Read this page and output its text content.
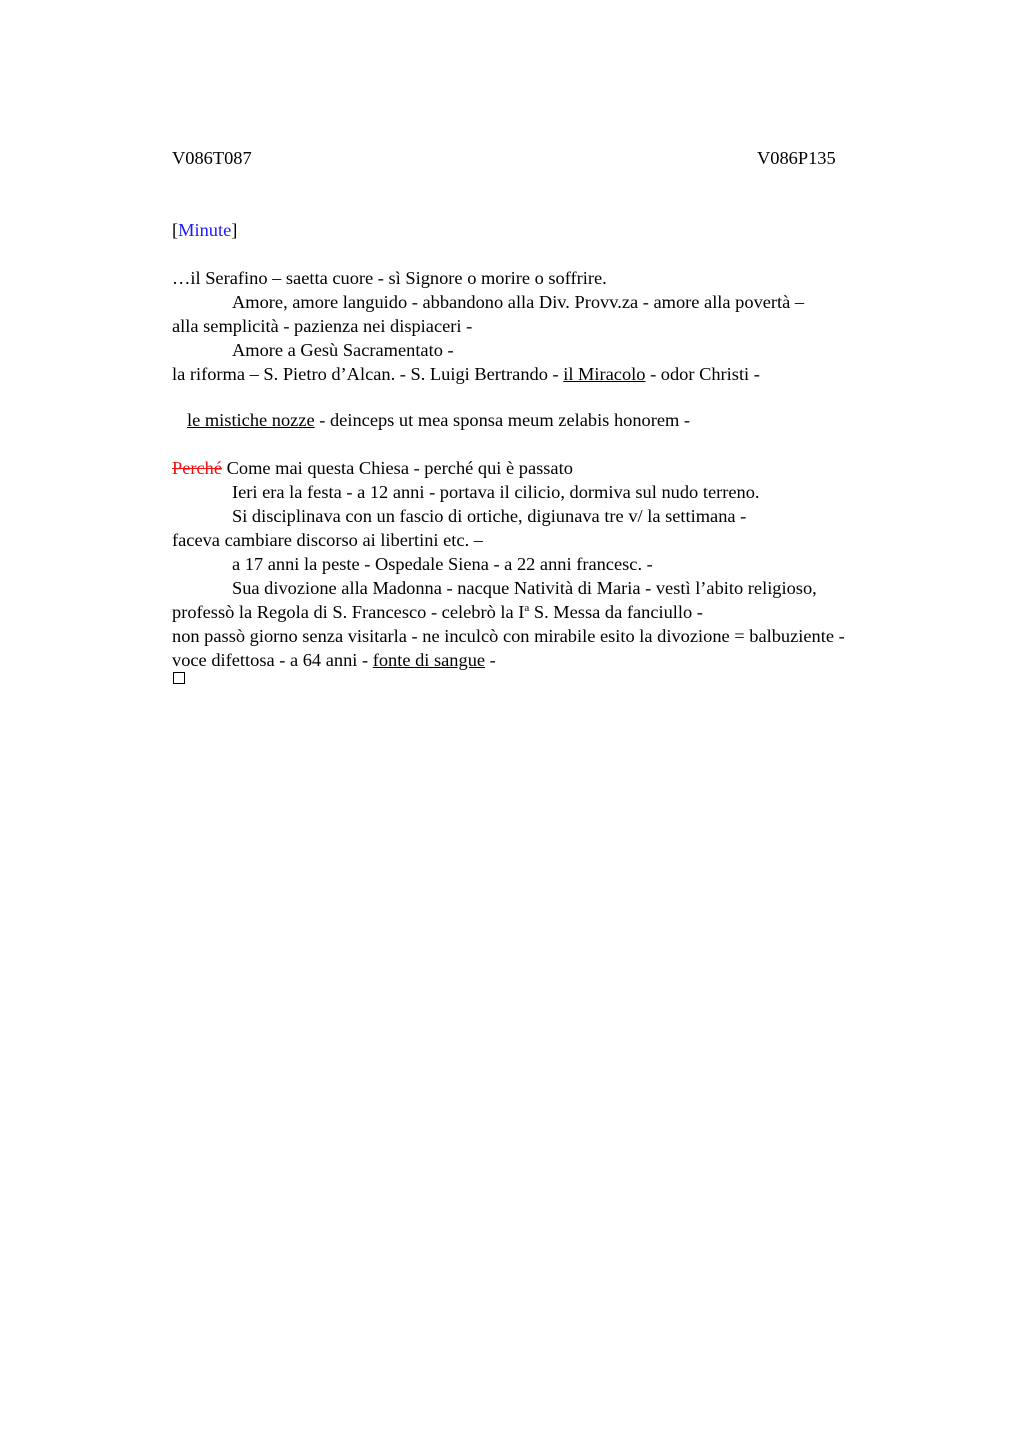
V086T087	V086P135
[Minute]
…il Serafino – saetta cuore - sì Signore o morire o soffrire.
Amore, amore languido - abbandono alla Div. Provv.za - amore alla povertà –
alla semplicità - pazienza nei dispiaceri -
Amore a Gesù Sacramentato -
la riforma – S. Pietro d’Alcan. - S. Luigi Bertrando - il Miracolo - odor Christi -
le mistiche nozze - deinceps ut mea sponsa meum zelabis honorem -
Perché Come mai questa Chiesa - perché qui è passato
Ieri era la festa - a 12 anni - portava il cilicio, dormiva sul nudo terreno.
Si disciplinava con un fascio di ortiche, digiunava tre v/ la settimana -
faceva cambiare discorso ai libertini etc. –
a 17 anni la peste - Ospedale Siena - a 22 anni francesc. -
Sua divozione alla Madonna - nacque Natività di Maria - vestì l’abito religioso,
professò la Regola di S. Francesco - celebrò la $I^a$ S. Messa da fanciullo -
non passò giorno senza visitarla - ne inculcò con mirabile esito la divozione = balbuziente -
voce difettosa - a 64 anni - fonte di sangue -
